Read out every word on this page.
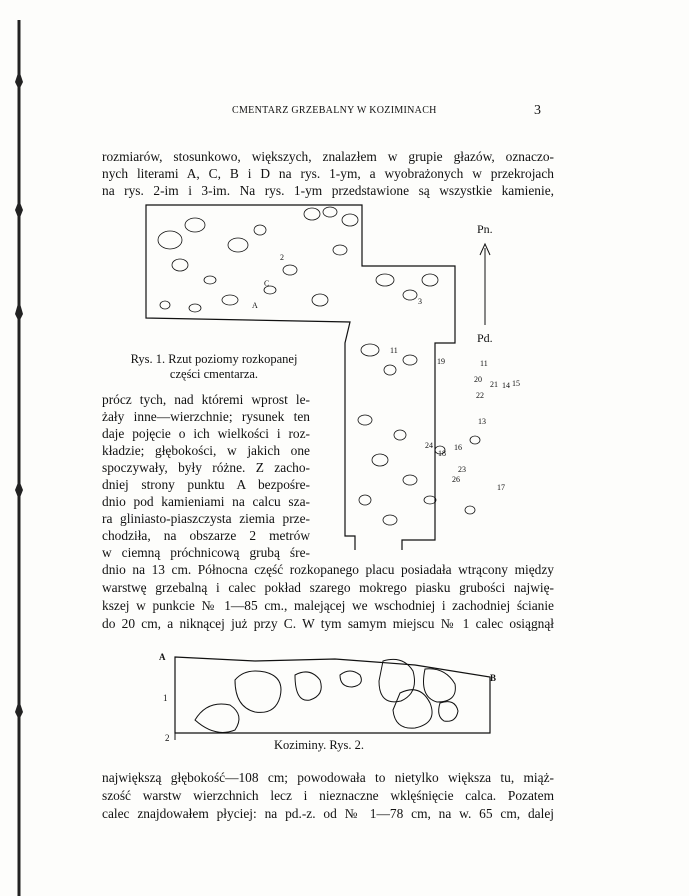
CMENTARZ GRZEBALNY W KOZIMINACH	3
rozmiarów, stosunkowo, większych, znalazłem w grupie głazów, oznaczo-
nych literami A, C, B i D na rys. 1-ym, a wyobrażonych w przekrojach
na rys. 2-im i 3-im. Na rys. 1-ym przedstawione są wszystkie kamienie,
Pn.
Pd.
2
3
A
C
11
19	11
20
21 14 15
22
13
24
18
16
23
26
17
Rys. 1. Rzut poziomy rozkopanej
części cmentarza.
prócz tych, nad któremi wprost le-
żały inne—wierzchnie; rysunek ten
daje pojęcie o ich wielkości i roz-
kładzie; głębokości, w jakich one
spoczywały, były różne. Z zacho-
dniej strony punktu A bezpośre-
dnio pod kamieniami na calcu sza-
ra gliniasto-piaszczysta ziemia prze-
chodziła, na obszarze 2 metrów
w ciemną próchnicową grubą śre-
dnio na 13 cm. Północna część rozkopanego placu posiadała wtrącony między
warstwę grzebalną i calec pokład szarego mokrego piasku grubości najwię-
kszej w punkcie № 1—85 cm., malejącej we wschodniej i zachodniej ścianie
do 20 cm, a niknącej już przy C. W tym samym miejscu № 1 calec osiągnął
A
B
1
2	Koziminy. Rys. 2.
największą głębokość—108 cm; powodowała to nietylko większa tu, miąż-
szość warstw wierzchnich lecz i nieznaczne wklęśnięcie calca. Pozatem
calec znajdowałem płyciej: na pd.-z. od № 1—78 cm, na w. 65 cm, dalej
